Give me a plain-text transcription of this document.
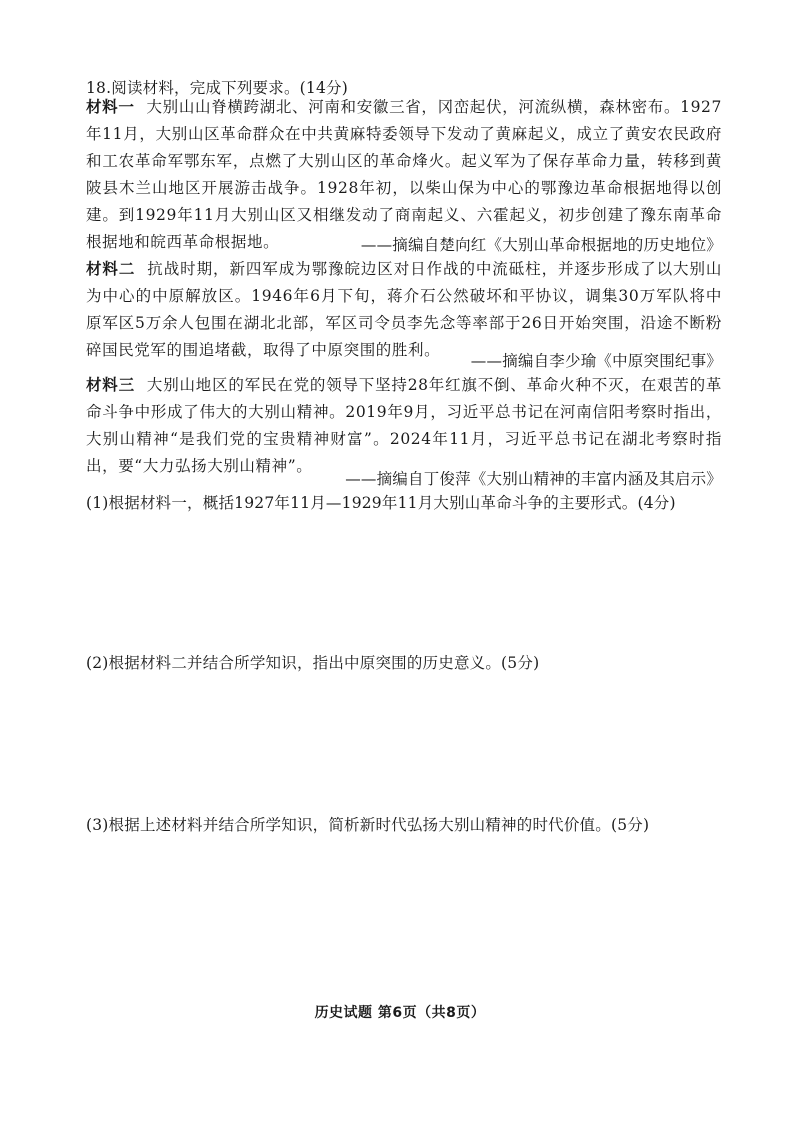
18.阅读材料，完成下列要求。(14分)
材料一 大别山山脊横跨湖北、河南和安徽三省，冈峦起伏，河流纵横，森林密布。1927年11月，大别山区革命群众在中共黄麻特委领导下发动了黄麻起义，成立了黄安农民政府和工农革命军鄂东军，点燃了大别山区的革命烽火。起义军为了保存革命力量，转移到黄陂县木兰山地区开展游击战争。1928年初，以柴山保为中心的鄂豫边革命根据地得以创建。到1929年11月大别山区又相继发动了商南起义、六霍起义，初步创建了豫东南革命根据地和皖西革命根据地。	——摘编自楚向红《大别山革命根据地的历史地位》
材料二 抗战时期，新四军成为鄂豫皖边区对日作战的中流砥柱，并逐步形成了以大别山为中心的中原解放区。1946年6月下旬，蒋介石公然破坏和平协议，调集30万军队将中原军区5万余人包围在湖北北部，军区司令员李先念等率部于26日开始突围，沿途不断粉碎国民党军的围追堵截，取得了中原突围的胜利。
——摘编自李少瑜《中原突围纪事》
材料三 大别山地区的军民在党的领导下坚持28年红旗不倒、革命火种不灭，在艰苦的革命斗争中形成了伟大的大别山精神。2019年9月，习近平总书记在河南信阳考察时指出，大别山精神“是我们党的宝贵精神财富”。2024年11月，习近平总书记在湖北考察时指出，要“大力弘扬大别山精神”。
——摘编自丁俊萍《大别山精神的丰富内涵及其启示》
(1)根据材料一，概括1927年11月—1929年11月大别山革命斗争的主要形式。(4分)
(2)根据材料二并结合所学知识，指出中原突围的历史意义。(5分)
(3)根据上述材料并结合所学知识，简析新时代弘扬大别山精神的时代价值。(5分)
历史试题 第6页（共8页）
